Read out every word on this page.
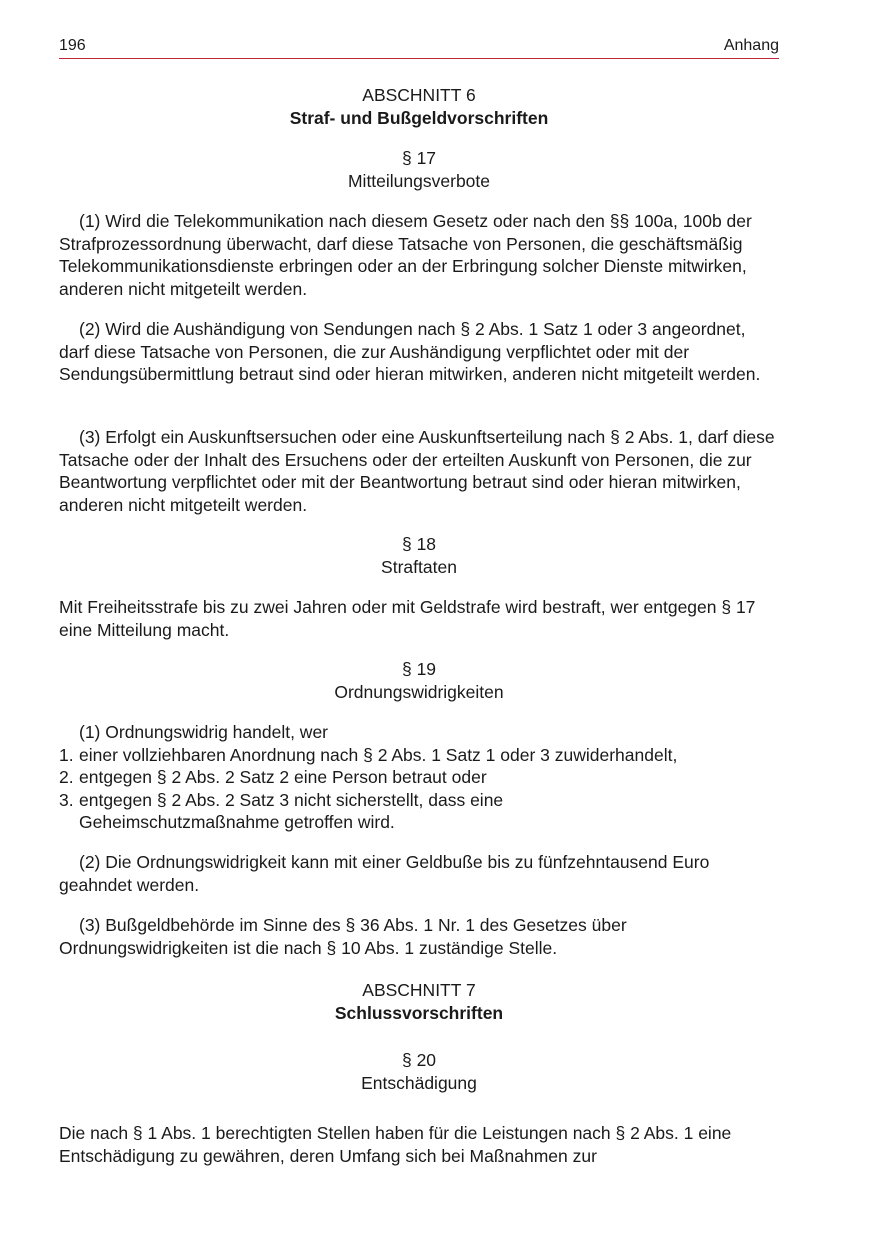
196	Anhang
ABSCHNITT 6
Straf- und Bußgeldvorschriften
§ 17
Mitteilungsverbote

(1) Wird die Telekommunikation nach diesem Gesetz oder nach den §§ 100a, 100b der Strafprozessordnung überwacht, darf diese Tatsache von Personen, die geschäftsmäßig Telekommunikationsdienste erbringen oder an der Erbringung solcher Dienste mitwirken, anderen nicht mitgeteilt werden.

(2) Wird die Aushändigung von Sendungen nach § 2 Abs. 1 Satz 1 oder 3 angeordnet, darf diese Tatsache von Personen, die zur Aushändigung verpflichtet oder mit der Sendungsübermittlung betraut sind oder hieran mitwirken, anderen nicht mitgeteilt werden.

(3) Erfolgt ein Auskunftsersuchen oder eine Auskunftserteilung nach § 2 Abs. 1, darf diese Tatsache oder der Inhalt des Ersuchens oder der erteilten Auskunft von Personen, die zur Beantwortung verpflichtet oder mit der Beantwortung betraut sind oder hieran mitwirken, anderen nicht mitgeteilt werden.

§ 18
Straftaten

Mit Freiheitsstrafe bis zu zwei Jahren oder mit Geldstrafe wird bestraft, wer entgegen § 17 eine Mitteilung macht.

§ 19
Ordnungswidrigkeiten

(1) Ordnungswidrig handelt, wer

1. einer vollziehbaren Anordnung nach § 2 Abs. 1 Satz 1 oder 3 zuwiderhandelt,
2. entgegen § 2 Abs. 2 Satz 2 eine Person betraut oder
3. entgegen § 2 Abs. 2 Satz 3 nicht sicherstellt, dass eine Geheimschutzmaßnahme getroffen wird.

(2) Die Ordnungswidrigkeit kann mit einer Geldbuße bis zu fünfzehntausend Euro geahndet werden.

(3) Bußgeldbehörde im Sinne des § 36 Abs. 1 Nr. 1 des Gesetzes über Ordnungswidrigkeiten ist die nach § 10 Abs. 1 zuständige Stelle.

ABSCHNITT 7
Schlussvorschriften
§ 20
Entschädigung

Die nach § 1 Abs. 1 berechtigten Stellen haben für die Leistungen nach § 2 Abs. 1 eine Entschädigung zu gewähren, deren Umfang sich bei Maßnahmen zur
